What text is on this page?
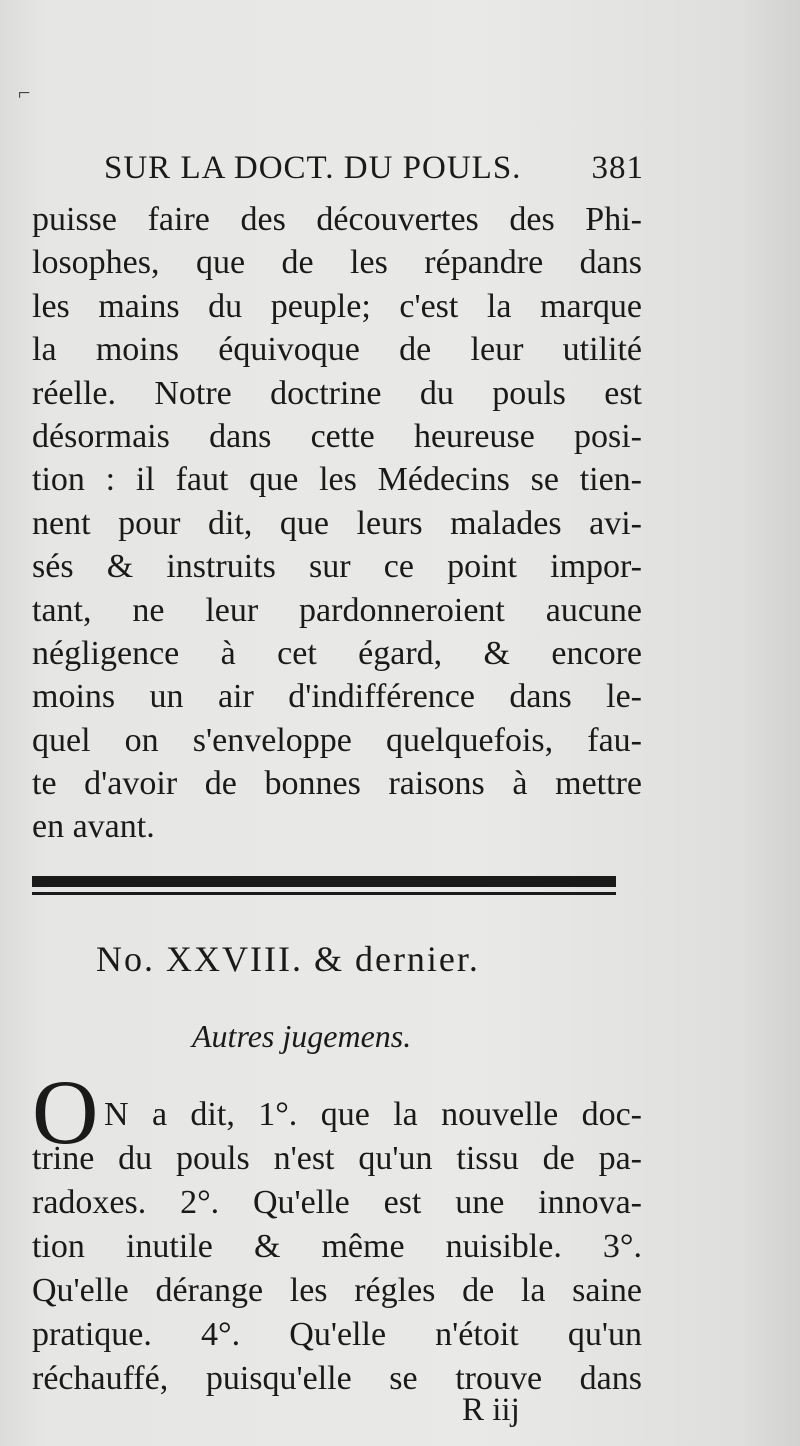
⌐
SUR LA DOCT. DU POULS. 381
puisse faire des découvertes des Phi-
losophes, que de les répandre dans
les mains du peuple; c'est la marque
la moins équivoque de leur utilité
réelle. Notre doctrine du pouls est
désormais dans cette heureuse posi-
tion : il faut que les Médecins se tien-
nent pour dit, que leurs malades avi-
sés & instruits sur ce point impor-
tant, ne leur pardonneroient aucune
négligence à cet égard, & encore
moins un air d'indifférence dans le-
quel on s'enveloppe quelquefois, fau-
te d'avoir de bonnes raisons à mettre
en avant.
No. XXVIII. & dernier.
Autres jugemens.
O N a dit, 1°. que la nouvelle doc-
trine du pouls n'est qu'un tissu de pa-
radoxes. 2°. Qu'elle est une innova-
tion inutile & même nuisible. 3°.
Qu'elle dérange les régles de la saine
pratique. 4°. Qu'elle n'étoit qu'un
réchauffé, puisqu'elle se trouve dans
R iij
